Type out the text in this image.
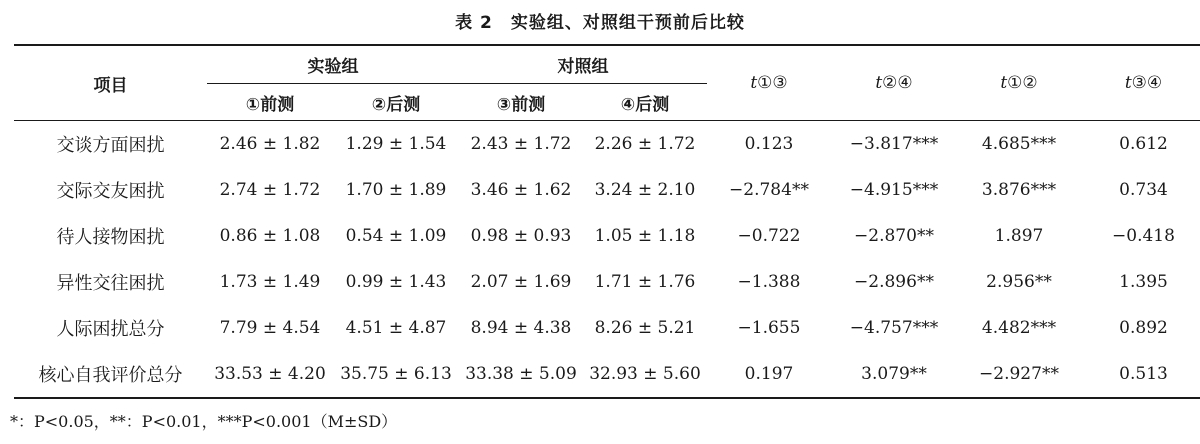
表 2 实验组、对照组干预前后比较
项目	实验组		对照组		t①③	t②④	t①②	t③④
	①前测	②后测	③前测	④后测				
交谈方面困扰	2.46 ± 1.82	1.29 ± 1.54	2.43 ± 1.72	2.26 ± 1.72	0.123	−3.817***	4.685***	0.612
交际交友困扰	2.74 ± 1.72	1.70 ± 1.89	3.46 ± 1.62	3.24 ± 2.10	−2.784**	−4.915***	3.876***	0.734
待人接物困扰	0.86 ± 1.08	0.54 ± 1.09	0.98 ± 0.93	1.05 ± 1.18	−0.722	−2.870**	1.897	−0.418
异性交往困扰	1.73 ± 1.49	0.99 ± 1.43	2.07 ± 1.69	1.71 ± 1.76	−1.388	−2.896**	2.956**	1.395
人际困扰总分	7.79 ± 4.54	4.51 ± 4.87	8.94 ± 4.38	8.26 ± 5.21	−1.655	−4.757***	4.482***	0.892
核心自我评价总分	33.53 ± 4.20	35.75 ± 6.13	33.38 ± 5.09	32.93 ± 5.60	0.197	3.079**	−2.927**	0.513
*：P<0.05，**：P<0.01，***P<0.001（M±SD）
